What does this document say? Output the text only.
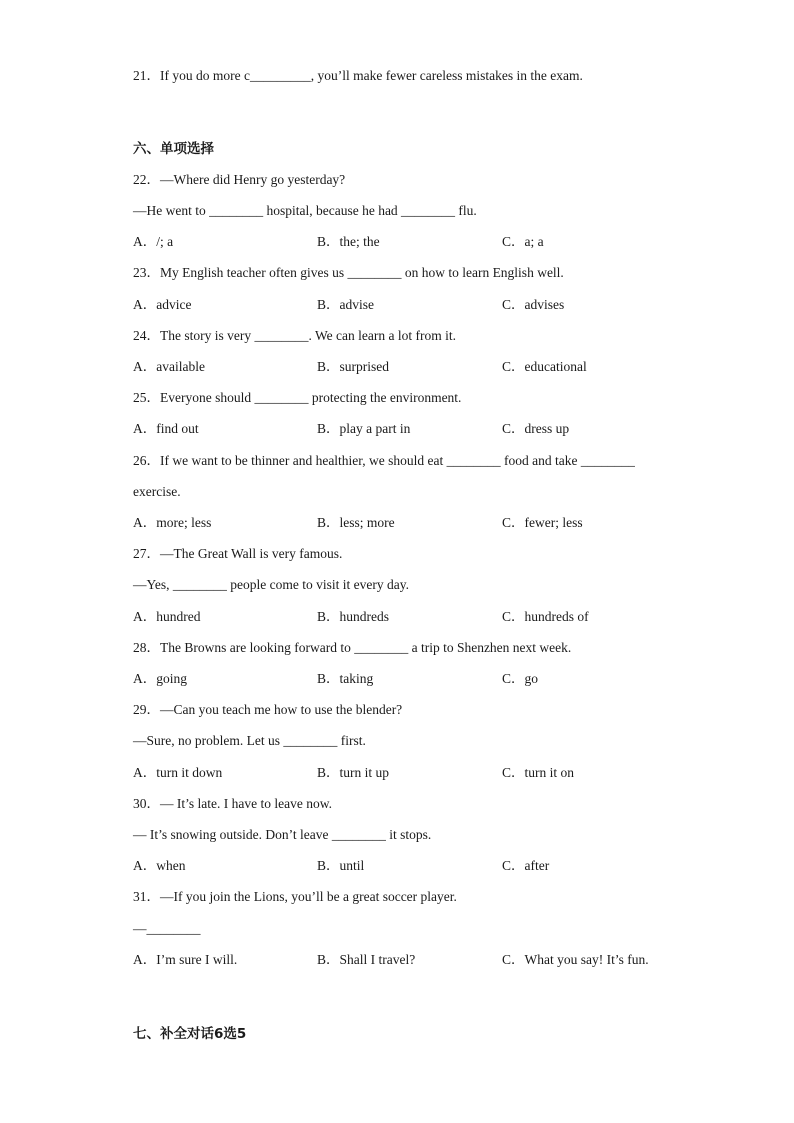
21．If you do more c_________, you’ll make fewer careless mistakes in the exam.
六、单项选择
22．—Where did Henry go yesterday?
—He went to ________ hospital, because he had ________ flu.
A．/; a	B．the; the	C．a; a
23．My English teacher often gives us ________ on how to learn English well.
A．advice	B．advise	C．advises
24．The story is very ________. We can learn a lot from it.
A．available	B．surprised	C．educational
25．Everyone should ________ protecting the environment.
A．find out	B．play a part in	C．dress up
26．If we want to be thinner and healthier, we should eat ________ food and take ________
exercise.
A．more; less	B．less; more	C．fewer; less
27．—The Great Wall is very famous.
—Yes, ________ people come to visit it every day.
A．hundred	B．hundreds	C．hundreds of
28．The Browns are looking forward to ________ a trip to Shenzhen next week.
A．going	B．taking	C．go
29．—Can you teach me how to use the blender?
—Sure, no problem. Let us ________ first.
A．turn it down	B．turn it up	C．turn it on
30．— It’s late. I have to leave now.
— It’s snowing outside. Don’t leave ________ it stops.
A．when	B．until	C．after
31．—If you join the Lions, you’ll be a great soccer player.
—________
A．I’m sure I will.	B．Shall I travel?	C．What you say! It’s fun.
七、补全对话6选5
